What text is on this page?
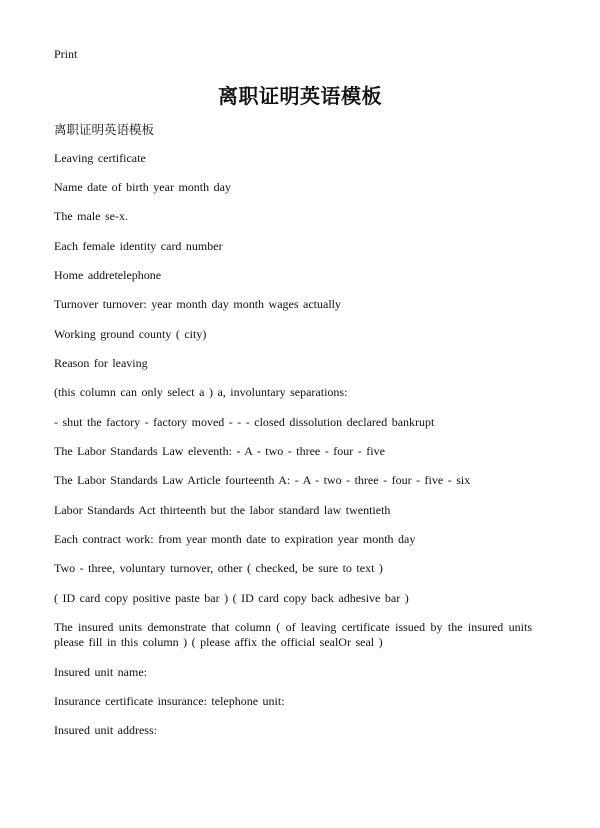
Print
离职证明英语模板

离职证明英语模板

Leaving certificate

Name date of birth year month day

The male se-x.

Each female identity card number

Home addretelephone

Turnover turnover: year month day month wages actually

Working ground county ( city)

Reason for leaving

(this column can only select a ) a, involuntary separations:

- shut the factory - factory moved - - - closed dissolution declared bankrupt

The Labor Standards Law eleventh: - A - two - three - four - five

The Labor Standards Law Article fourteenth A: - A - two - three - four - five - six

Labor Standards Act thirteenth but the labor standard law twentieth

Each contract work: from year month date to expiration year month day

Two - three, voluntary turnover, other ( checked, be sure to text )

( ID card copy positive paste bar ) ( ID card copy back adhesive bar )

The insured units demonstrate that column ( of leaving certificate issued by the insured units please fill in this column ) ( please affix the official sealOr seal )

Insured unit name:

Insurance certificate insurance: telephone unit:

Insured unit address:
